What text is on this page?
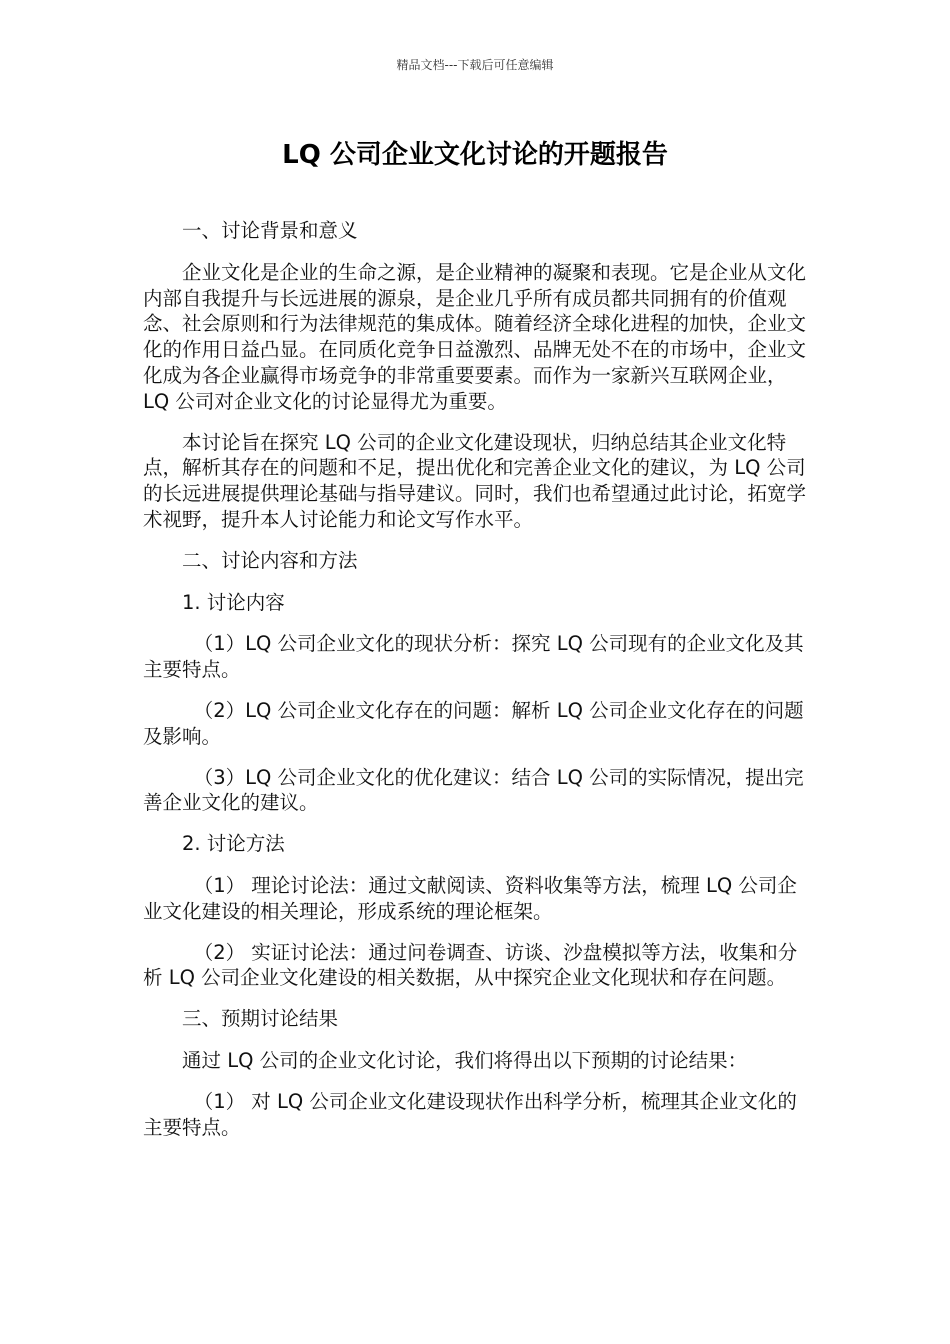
精品文档---下载后可任意编辑
LQ 公司企业文化讨论的开题报告

一、讨论背景和意义

企业文化是企业的生命之源，是企业精神的凝聚和表现。它是企业从文化内部自我提升与长远进展的源泉，是企业几乎所有成员都共同拥有的价值观念、社会原则和行为法律规范的集成体。随着经济全球化进程的加快，企业文化的作用日益凸显。在同质化竞争日益激烈、品牌无处不在的市场中，企业文化成为各企业赢得市场竞争的非常重要要素。而作为一家新兴互联网企业，LQ 公司对企业文化的讨论显得尤为重要。

本讨论旨在探究 LQ 公司的企业文化建设现状，归纳总结其企业文化特点，解析其存在的问题和不足，提出优化和完善企业文化的建议，为 LQ 公司的长远进展提供理论基础与指导建议。同时，我们也希望通过此讨论，拓宽学术视野，提升本人讨论能力和论文写作水平。

二、讨论内容和方法

1. 讨论内容

（1）LQ 公司企业文化的现状分析：探究 LQ 公司现有的企业文化及其主要特点。

（2）LQ 公司企业文化存在的问题：解析 LQ 公司企业文化存在的问题及影响。

（3）LQ 公司企业文化的优化建议：结合 LQ 公司的实际情况，提出完善企业文化的建议。

2. 讨论方法

（1） 理论讨论法：通过文献阅读、资料收集等方法，梳理 LQ 公司企业文化建设的相关理论，形成系统的理论框架。

（2） 实证讨论法：通过问卷调查、访谈、沙盘模拟等方法，收集和分析 LQ 公司企业文化建设的相关数据，从中探究企业文化现状和存在问题。

三、预期讨论结果

通过 LQ 公司的企业文化讨论，我们将得出以下预期的讨论结果：

（1） 对 LQ 公司企业文化建设现状作出科学分析，梳理其企业文化的主要特点。
